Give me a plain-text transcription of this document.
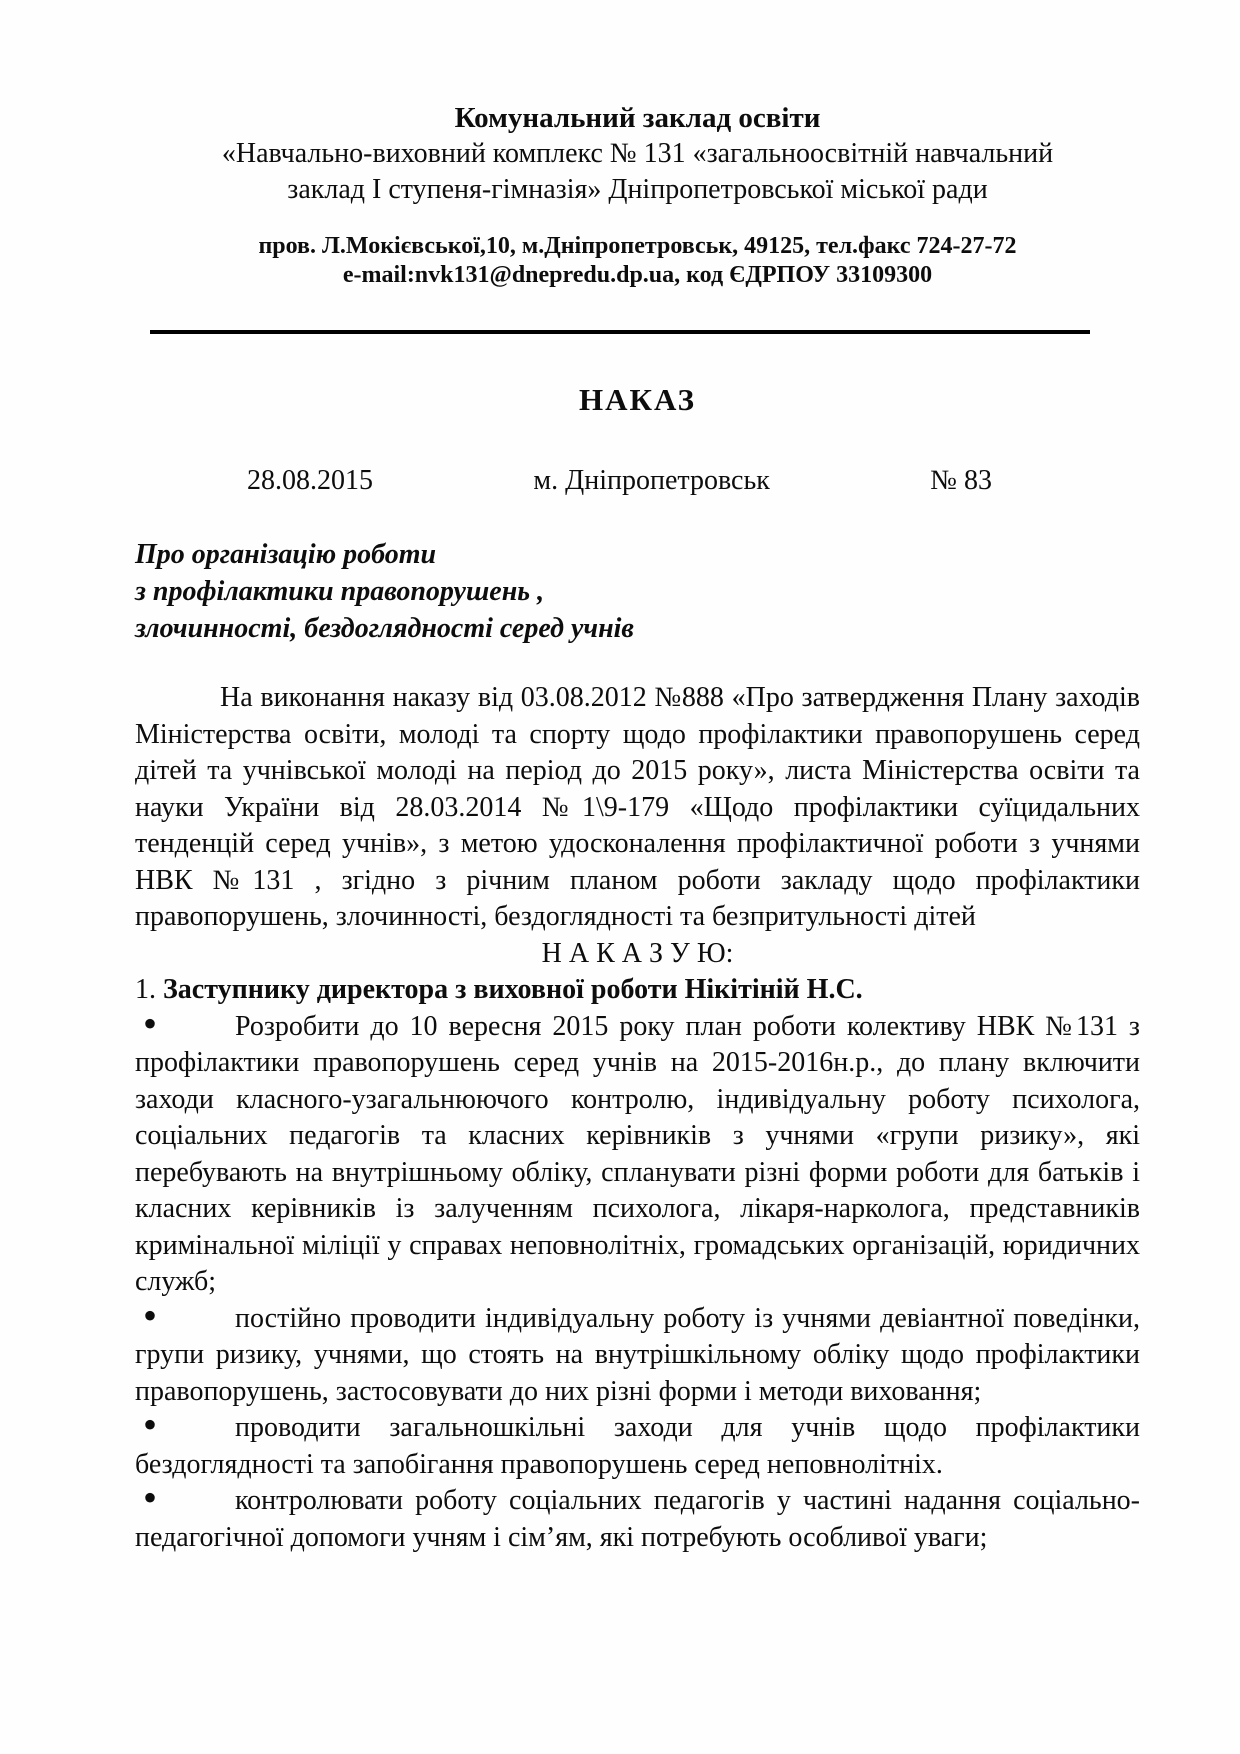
Комунальний заклад освіти
«Навчально-виховний комплекс № 131 «загальноосвітній навчальний
заклад І ступеня-гімназія» Дніпропетровської міської ради
пров. Л.Мокієвської,10, м.Дніпропетровськ, 49125, тел.факс 724-27-72
e-mail:nvk131@dnepredu.dp.ua, код ЄДРПОУ 33109300
НАКАЗ
28.08.2015	м. Дніпропетровськ	№ 83
Про організацію роботи
з профілактики правопорушень ,
злочинності, бездоглядності серед учнів

На виконання наказу від 03.08.2012 №888 «Про затвердження Плану заходів Міністерства освіти, молоді та спорту щодо профілактики правопорушень серед дітей та учнівської молоді на період до 2015 року», листа Міністерства освіти та науки України від 28.03.2014 №1\9-179 «Щодо профілактики суїцидальних тенденцій серед учнів», з метою удосконалення профілактичної роботи з учнями НВК №131 , згідно з річним планом роботи закладу щодо профілактики правопорушень, злочинності, бездоглядності та безпритульності дітей

Н А К А З У Ю:

1. Заступнику директора з виховної роботи Нікітіній Н.С.

•	Розробити до 10 вересня 2015 року план роботи колективу НВК №131 з профілактики правопорушень серед учнів на 2015-2016н.р., до плану включити заходи класного-узагальнюючого контролю, індивідуальну роботу психолога, соціальних педагогів та класних керівників з учнями «групи ризику», які перебувають на внутрішньому обліку, спланувати різні форми роботи для батьків і класних керівників із залученням психолога, лікаря-нарколога, представників кримінальної міліції у справах неповнолітніх, громадських організацій, юридичних служб;

•	постійно проводити індивідуальну роботу із учнями девіантної поведінки, групи ризику, учнями, що стоять на внутрішкільному обліку щодо профілактики правопорушень, застосовувати до них різні форми і методи виховання;

•	проводити загальношкільні заходи для учнів щодо профілактики бездоглядності та запобігання правопорушень серед неповнолітніх.

•	контролювати роботу соціальних педагогів у частині надання соціально-педагогічної допомоги учням і сім’ям, які потребують особливої уваги;
